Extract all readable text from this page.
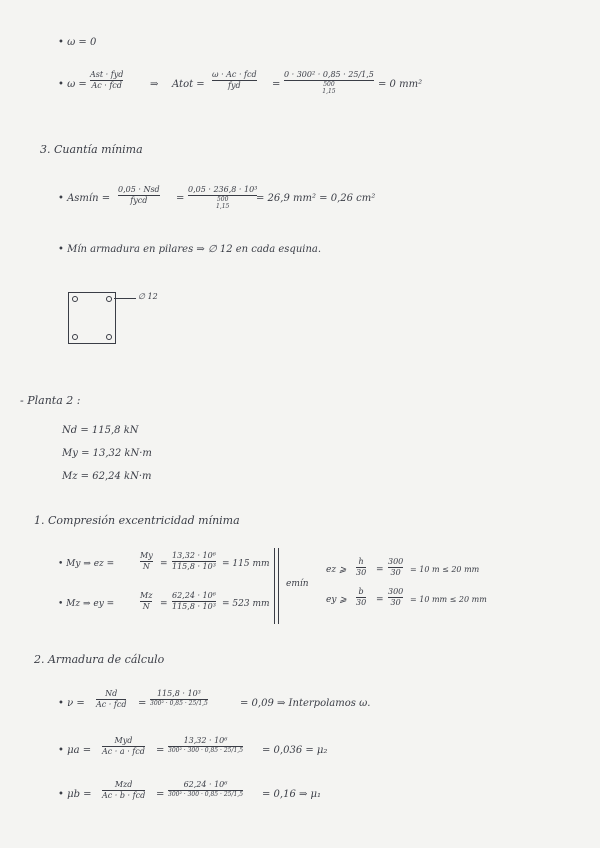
• ω = 0
• ω =
Ast · fyd
Ac · fcd	⇒ Atot =
ω · Ac · fcd
fyd	=
0 · 300² · 0,85 · 25/1,5
500
1,15
= 0 mm²
3. Cuantía mínima
• Asmín =
0,05 · Nsd
fycd	=
0,05 · 236,8 · 10³
500
1,15
= 26,9 mm² = 0,26 cm²
• Mín armadura en pilares ⇒ ∅ 12 en cada esquina.
∅ 12
- Planta 2 :
Nd = 115,8 kN
My = 13,32 kN·m
Mz = 62,24 kN·m
1. Compresión excentricidad mínima
• My ⇒ ez =
My
N =
13,32 · 10⁶
115,8 · 10³ = 115 mm
• Mz ⇒ ey =
Mz
N =
62,24 · 10⁶
115,8 · 10³ = 523 mm
emín
ez ⩾
h
30 =
300
30 = 10 m ≤ 20 mm
ey ⩾
b
30 =
300
30 = 10 mm ≤ 20 mm
2. Armadura de cálculo
• ν =
Nd
Ac · fcd =
115,8 · 10³
300² · 0,85 · 25/1,5	= 0,09 ⇒ Interpolamos ω.
• μa =
Myd
Ac · a · fcd =
13,32 · 10⁶
300² · 300 · 0,85 · 25/1,5 = 0,036 = μ₂
• μb =
Mzd
Ac · b · fcd =
62,24 · 10⁶
300² · 300 · 0,85 · 25/1,5 = 0,16 ⇒ μ₁
